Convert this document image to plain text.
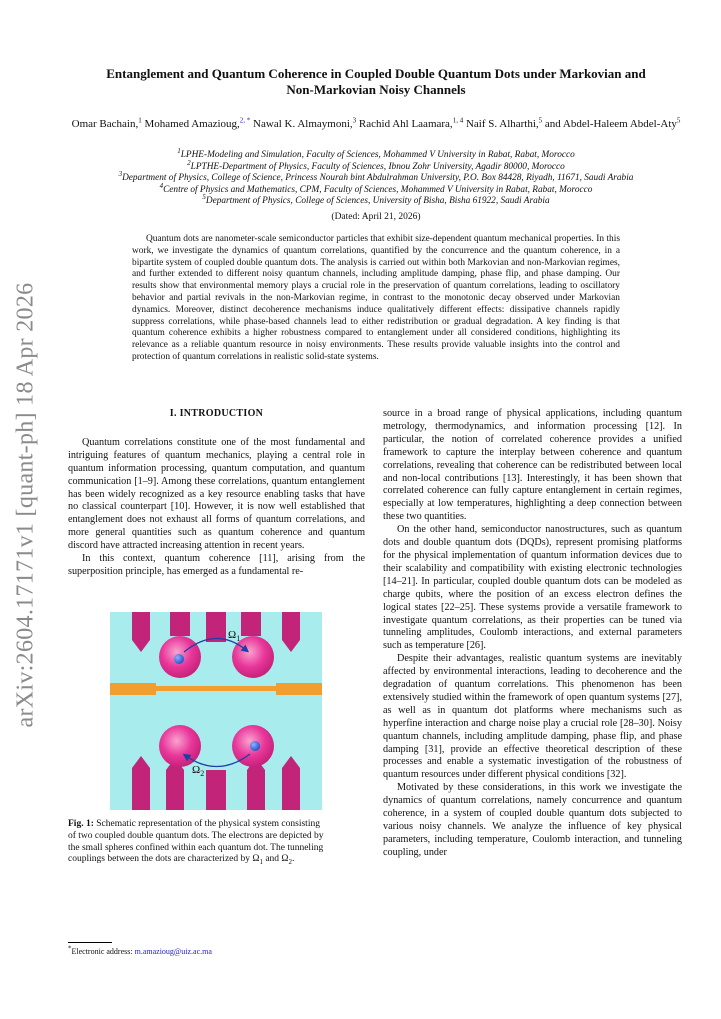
arXiv:2604.17171v1 [quant-ph] 18 Apr 2026
Entanglement and Quantum Coherence in Coupled Double Quantum Dots under Markovian and
Non-Markovian Noisy Channels
Omar Bachain,$^1$ Mohamed Amazioug,$^{2, *}$ Nawal K. Almaymoni,$^3$ Rachid Ahl Laamara,$^{1, 4}$ Naif S. Alharthi,$^5$ and Abdel-Haleem Abdel-Aty$^5$
$^1$LPHE-Modeling and Simulation, Faculty of Sciences, Mohammed V University in Rabat, Rabat, Morocco
$^2$LPTHE-Department of Physics, Faculty of Sciences, Ibnou Zohr University, Agadir 80000, Morocco
$^3$Department of Physics, College of Science, Princess Nourah bint Abdulrahman University, P.O. Box 84428, Riyadh, 11671, Saudi Arabia
$^4$Centre of Physics and Mathematics, CPM, Faculty of Sciences, Mohammed V University in Rabat, Rabat, Morocco
$^5$Department of Physics, College of Sciences, University of Bisha, Bisha 61922, Saudi Arabia
(Dated: April 21, 2026)

Quantum dots are nanometer-scale semiconductor particles that exhibit size-dependent quantum mechanical properties. In this work, we investigate the dynamics of quantum correlations, quantified by the concurrence and the quantum coherence, in a bipartite system of coupled double quantum dots. The analysis is carried out within both Markovian and non-Markovian regimes, and further extended to different noisy quantum channels, including amplitude damping, phase flip, and phase damping. Our results show that environmental memory plays a crucial role in the preservation of quantum correlations, leading to oscillatory behavior and partial revivals in the non-Markovian regime, in contrast to the monotonic decay observed under Markovian dynamics. Moreover, distinct decoherence mechanisms induce qualitatively different effects: dissipative channels rapidly suppress correlations, while phase-based channels lead to either redistribution or gradual degradation. A key finding is that quantum coherence exhibits a higher robustness compared to entanglement under all considered conditions, highlighting its relevance as a reliable quantum resource in noisy environments. These results provide valuable insights into the control and protection of quantum correlations in realistic solid-state systems.

I. INTRODUCTION

Quantum correlations constitute one of the most fundamental and intriguing features of quantum mechanics, playing a central role in quantum information processing, quantum computation, and quantum communication [1–9]. Among these correlations, quantum entanglement has been widely recognized as a key resource enabling tasks that have no classical counterpart [10]. However, it is now well established that entanglement does not exhaust all forms of quantum correlations, and more general quantities such as quantum coherence and quantum discord have attracted increasing attention in recent years.

In this context, quantum coherence [11], arising from the superposition principle, has emerged as a fundamental re-

$\Omega_1$
$\Omega_2$
Fig. 1: Schematic representation of the physical system consisting of two coupled double quantum dots. The electrons are depicted by the small spheres confined within each quantum dot. The tunneling couplings between the dots are characterized by $\Omega_1$ and $\Omega_2$.
*Electronic address: m.amazioug@uiz.ac.ma

source in a broad range of physical applications, including quantum metrology, thermodynamics, and information processing [12]. In particular, the notion of correlated coherence provides a unified framework to capture the interplay between coherence and quantum correlations, revealing that coherence can be redistributed between local and non-local contributions [13]. Interestingly, it has been shown that correlated coherence can fully capture entanglement in certain regimes, especially at low temperatures, highlighting a deep connection between these two quantities.

On the other hand, semiconductor nanostructures, such as quantum dots and double quantum dots (DQDs), represent promising platforms for the physical implementation of quantum information devices due to their scalability and compatibility with existing electronic technologies [14–21]. In particular, coupled double quantum dots can be modeled as charge qubits, where the position of an excess electron defines the logical states [22–25]. These systems provide a versatile framework to investigate quantum correlations, as their properties can be tuned via tunneling amplitudes, Coulomb interactions, and external parameters such as temperature [26].

Despite their advantages, realistic quantum systems are inevitably affected by environmental interactions, leading to decoherence and the degradation of quantum correlations. This phenomenon has been extensively studied within the framework of open quantum systems [27], as well as in quantum dot platforms where mechanisms such as hyperfine interaction and charge noise play a crucial role [28–30]. Noisy quantum channels, including amplitude damping, phase flip, and phase damping [31], provide an effective theoretical description of these processes and enable a systematic investigation of the robustness of quantum resources under different physical conditions [32].

Motivated by these considerations, in this work we investigate the dynamics of quantum correlations, namely concurrence and quantum coherence, in a system of coupled double quantum dots subjected to various noisy channels. We analyze the influence of key physical parameters, including temperature, Coulomb interaction, and tunneling coupling, under
